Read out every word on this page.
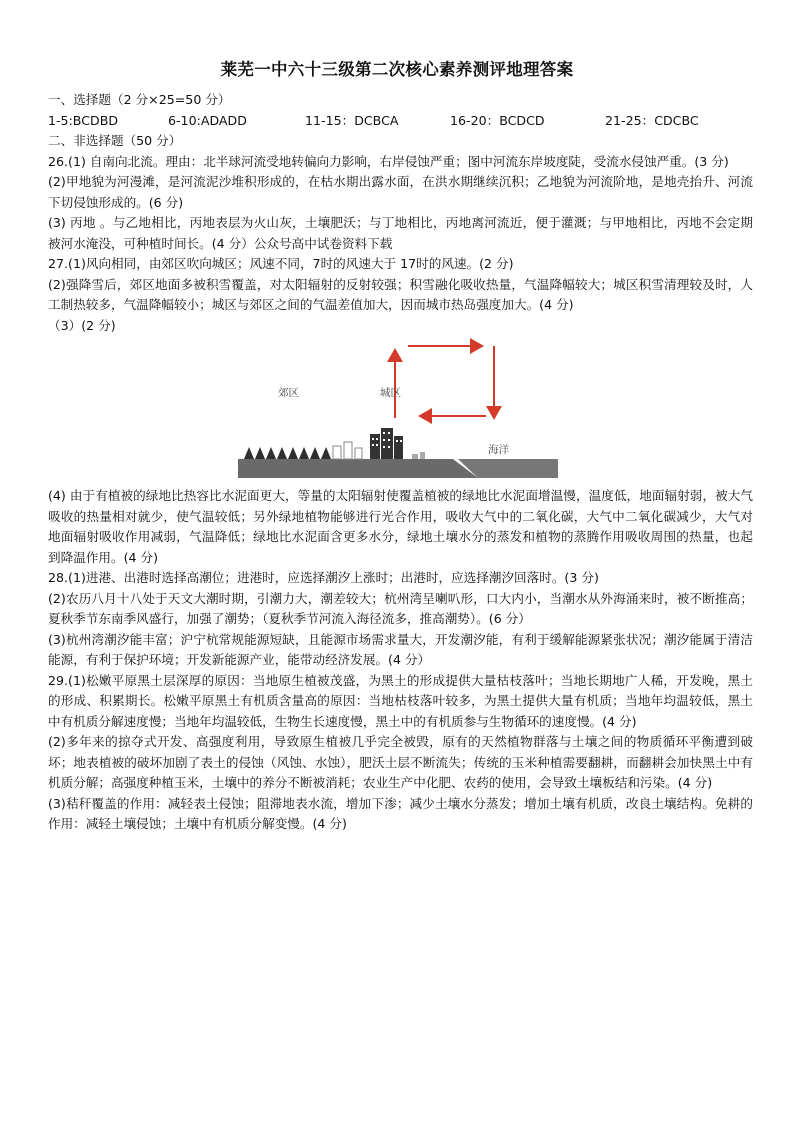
莱芜一中六十三级第二次核心素养测评地理答案

一、选择题（2 分×25=50 分）

1-5:BCDBD	6-10:ADADD	11-15：DCBCA	16-20：BCDCD	21-25：CDCBC

二、非选择题（50 分）

26.(1) 自南向北流。理由：北半球河流受地转偏向力影响，右岸侵蚀严重；图中河流东岸坡度陡，受流水侵蚀严重。(3 分)

(2)甲地貌为河漫滩，是河流泥沙堆积形成的，在枯水期出露水面，在洪水期继续沉积；乙地貌为河流阶地，是地壳抬升、河流下切侵蚀形成的。(6 分)

(3) 丙地 。与乙地相比，丙地表层为火山灰，土壤肥沃；与丁地相比，丙地离河流近，便于灌溉；与甲地相比，丙地不会定期被河水淹没，可种植时间长。(4 分）公众号高中试卷资料下载

27.(1)风向相同，由郊区吹向城区；风速不同，7时的风速大于 17时的风速。(2 分)

(2)强降雪后，郊区地面多被积雪覆盖，对太阳辐射的反射较强；积雪融化吸收热量，气温降幅较大；城区积雪清理较及时，人工制热较多，气温降幅较小；城区与郊区之间的气温差值加大，因而城市热岛强度加大。(4 分)

（3）(2 分)

郊区	城区
海洋

(4) 由于有植被的绿地比热容比水泥面更大，等量的太阳辐射使覆盖植被的绿地比水泥面增温慢，温度低，地面辐射弱，被大气吸收的热量相对就少，使气温较低；另外绿地植物能够进行光合作用，吸收大气中的二氧化碳，大气中二氧化碳减少，大气对地面辐射吸收作用减弱，气温降低；绿地比水泥面含更多水分，绿地土壤水分的蒸发和植物的蒸腾作用吸收周围的热量，也起到降温作用。(4 分)

28.(1)进港、出港时选择高潮位；进港时，应选择潮汐上涨时；出港时，应选择潮汐回落时。(3 分)

(2)农历八月十八处于天文大潮时期，引潮力大，潮差较大；杭州湾呈喇叭形，口大内小，当潮水从外海涌来时，被不断推高；夏秋季节东南季风盛行，加强了潮势；（夏秋季节河流入海径流多，推高潮势）。(6 分）

(3)杭州湾潮汐能丰富；沪宁杭常规能源短缺，且能源市场需求量大，开发潮汐能，有利于缓解能源紧张状况；潮汐能属于清洁能源，有利于保护环境；开发新能源产业，能带动经济发展。(4 分）

29.(1)松嫩平原黑土层深厚的原因：当地原生植被茂盛，为黑土的形成提供大量枯枝落叶；当地长期地广人稀，开发晚，黑土的形成、积累期长。松嫩平原黑土有机质含量高的原因：当地枯枝落叶较多，为黑土提供大量有机质；当地年均温较低，黑土中有机质分解速度慢；当地年均温较低，生物生长速度慢，黑土中的有机质参与生物循环的速度慢。(4 分)

(2)多年来的掠夺式开发、高强度利用，导致原生植被几乎完全被毁，原有的天然植物群落与土壤之间的物质循环平衡遭到破坏；地表植被的破坏加剧了表土的侵蚀（风蚀、水蚀），肥沃土层不断流失；传统的玉米种植需要翻耕，而翻耕会加快黑土中有机质分解；高强度种植玉米，土壤中的养分不断被消耗；农业生产中化肥、农药的使用，会导致土壤板结和污染。(4 分)

(3)秸秆覆盖的作用：减轻表土侵蚀；阻滞地表水流，增加下渗；减少土壤水分蒸发；增加土壤有机质，改良土壤结构。免耕的作用：减轻土壤侵蚀；土壤中有机质分解变慢。(4 分)
